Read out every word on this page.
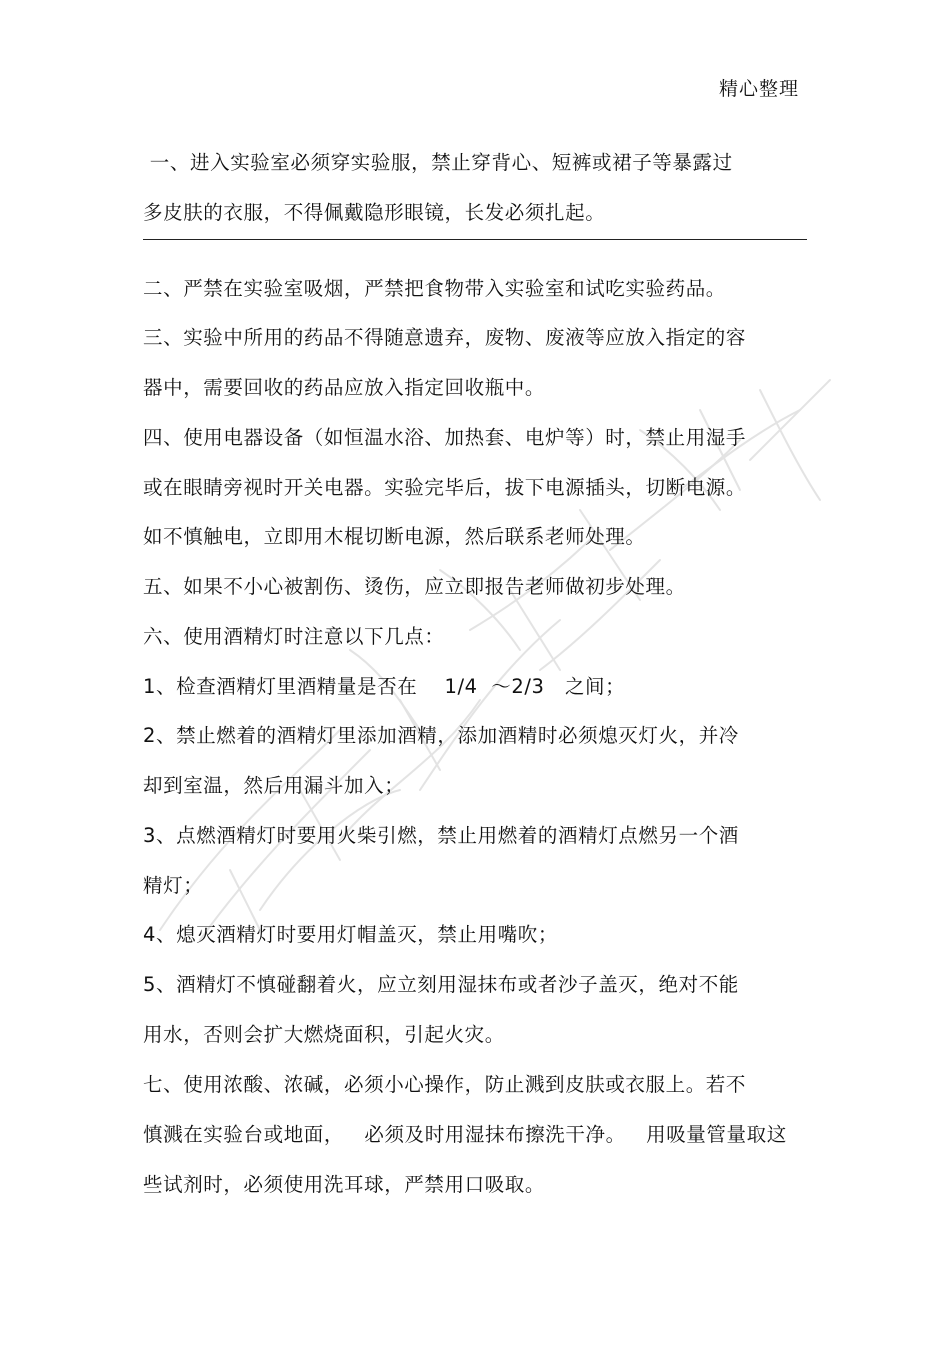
精心整理
一、进入实验室必须穿实验服，禁止穿背心、短裤或裙子等暴露过
多皮肤的衣服，不得佩戴隐形眼镜，长发必须扎起。
二、严禁在实验室吸烟，严禁把食物带入实验室和试吃实验药品。
三、实验中所用的药品不得随意遗弃，废物、废液等应放入指定的容
器中，需要回收的药品应放入指定回收瓶中。
四、使用电器设备（如恒温水浴、加热套、电炉等）时，禁止用湿手
或在眼睛旁视时开关电器。实验完毕后，拔下电源插头，切断电源。
如不慎触电，立即用木棍切断电源，然后联系老师处理。
五、如果不小心被割伤、烫伤，应立即报告老师做初步处理。
六、使用酒精灯时注意以下几点：
1、检查酒精灯里酒精量是否在    1/4  ～2/3   之间；
2、禁止燃着的酒精灯里添加酒精，添加酒精时必须熄灭灯火，并冷
却到室温，然后用漏斗加入；
3、点燃酒精灯时要用火柴引燃，禁止用燃着的酒精灯点燃另一个酒
精灯；
4、熄灭酒精灯时要用灯帽盖灭，禁止用嘴吹；
5、酒精灯不慎碰翻着火，应立刻用湿抹布或者沙子盖灭，绝对不能
用水，否则会扩大燃烧面积，引起火灾。
七、使用浓酸、浓碱，必须小心操作，防止溅到皮肤或衣服上。若不
慎溅在实验台或地面，   必须及时用湿抹布擦洗干净。   用吸量管量取这
些试剂时，必须使用洗耳球，严禁用口吸取。
